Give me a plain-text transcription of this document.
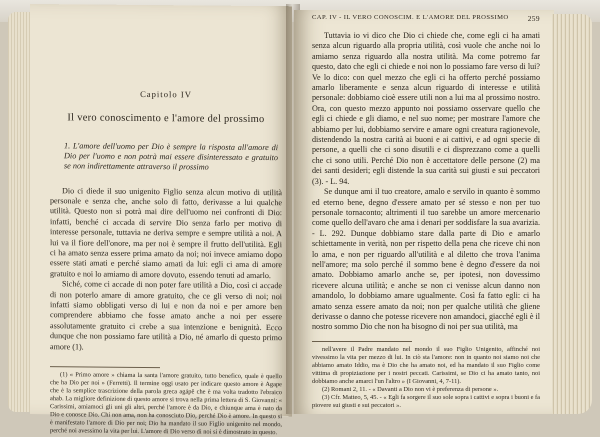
Capitolo IV
Il vero conoscimento e l'amore del prossimo

1. L'amore dell'uomo per Dio è sempre la risposta all'amore di Dio per l'uomo e non potrà mai essere disinteressato e gratuito se non indirettamente attraverso il prossimo

Dio ci diede il suo unigenito Figlio senza alcun motivo di utilità personale e senza che, anche solo di fatto, derivasse a lui qualche utilità. Questo non si potrà mai dire dell'uomo nei confronti di Dio: infatti, benché ci accada di servire Dio senza farlo per motivo di interesse personale, tuttavia ne deriva sempre e sempre utilità a noi. A lui va il fiore dell'onore, ma per noi è sempre il frutto dell'utilità. Egli ci ha amato senza essere prima amato da noi; noi invece amiamo dopo essere stati amati e perché siamo amati da lui: egli ci ama di amore gratuito e noi lo amiamo di amore dovuto, essendo tenuti ad amarlo.

Siché, come ci accade di non poter fare utilità a Dio, così ci accade di non poterlo amare di amore gratuito, che ce gli verso di noi; noi infatti siamo obbligati verso di lui e non da noi e per amore ben comprendere abbiamo che fosse amato anche a noi per essere assolutamente gratuito ci crebe a sua intenzione e benignità. Ecco dunque che non possiamo fare utilità a Dio, né amarlo di questo primo amore (1).

(1) « Primo amore » chiama la santa l'amore gratuito, tutto benefico, quale è quello che ha Dio per noi » (Ferretti). Il termine oggi usato per indicare questo amore è Agape che è la semplice trascrizione della parola greca agápē che è ma volta tradotto l'ebraico ahab. La migliore definizione di questo amore si trova nella prima lettera di S. Giovanni: « Carissimi, amiamoci gli uni gli altri, perché l'amore è da Dio, e chiunque ama è nato da Dio e conosce Dio. Chi non ama, non ha conosciuto Dio, perché Dio è amore. In questo si è manifestato l'amore di Dio per noi; Dio ha mandato il suo Figlio unigenito nel mondo, perché noi avessimo la vita per lui. L'amore di Dio verso di noi si è dimostrato in questo.

CAP. IV - IL VERO CONOSCIM. E L'AMORE DEL PROSSIMO	259

Tuttavia io vi dico che Dio ci chiede che, come egli ci ha amati senza alcun riguardo alla propria utilità, così vuole che anche noi lo amiamo senza riguardo alla nostra utilità. Ma come potremo far questo, dato che egli ci chiede e noi non lo possiamo fare verso di lui? Ve lo dico: con quel mezzo che egli ci ha offerto perché possiamo amarlo liberamente e senza alcun riguardo di interesse e utilità personale: dobbiamo cioè essere utili non a lui ma al prossimo nostro. Ora, con questo mezzo appunto noi possiamo osservare quello che egli ci chiede e gli diamo, e nel suo nome; per mostrare l'amore che abbiamo per lui, dobbiamo servire e amare ogni creatura ragionevole, distendendo la nostra carità ai buoni e ai cattivi, e ad ogni specie di persone, a quelli che ci sono disutili e ci disprezzano come a quelli che ci sono utili. Perché Dio non è accettatore delle persone (2) ma dei santi desideri; egli distende la sua carità sui giusti e sui peccatori (3). - L. 94.

Se dunque ami il tuo creatore, amalo e servilo in quanto è sommo ed eterno bene, degno d'essere amato per sé stesso e non per tuo personale tornaconto; altrimenti il tuo sarebbe un amore mercenario come quello dell'avaro che ama i denari per soddisfare la sua avarizia. - L. 292. Dunque dobbiamo stare dalla parte di Dio e amarlo schiettamente in verità, non per rispetto della pena che riceve chi non lo ama, e non per riguardo all'utilità e al diletto che trova l'anima nell'amore; ma solo perché il sommo bene è degno d'essere da noi amato. Dobbiamo amarlo anche se, per ipotesi, non dovessimo ricevere alcuna utilità; e anche se non ci venisse alcun danno non amandolo, lo dobbiamo amare ugualmente. Così fa fatto egli: ci ha amato senza essere amato da noi; non per qualche utilità che gliene derivasse o danno che potesse ricevere non amandoci, giacché egli è il nostro sommo Dio che non ha bisogno di noi per sua utilità, ma

nell'avere il Padre mandato nel mondo il suo Figlio Unigenito, affinché noi vivessimo la vita per mezzo di lui. In ciò sta l'amore: non in quanto noi siamo noi che abbiamo amato Iddio, ma è Dio che ha amato noi, ed ha mandato il suo Figlio come vittima di propiziazione per i nostri peccati. Carissimi, se Dio ci ha amato tanto, noi dobbiamo anche amarci l'un l'altro » (I Giovanni, 4, 7-11).

(2) Romani 2, 11. - « Davanti a Dio non vi è preferenza di persone ».

(3) Cfr. Matteo, 5, 45. - « Egli fa sorgere il suo sole sopra i cattivi e sopra i buoni e fa piovere sui giusti e sui peccatori ».
